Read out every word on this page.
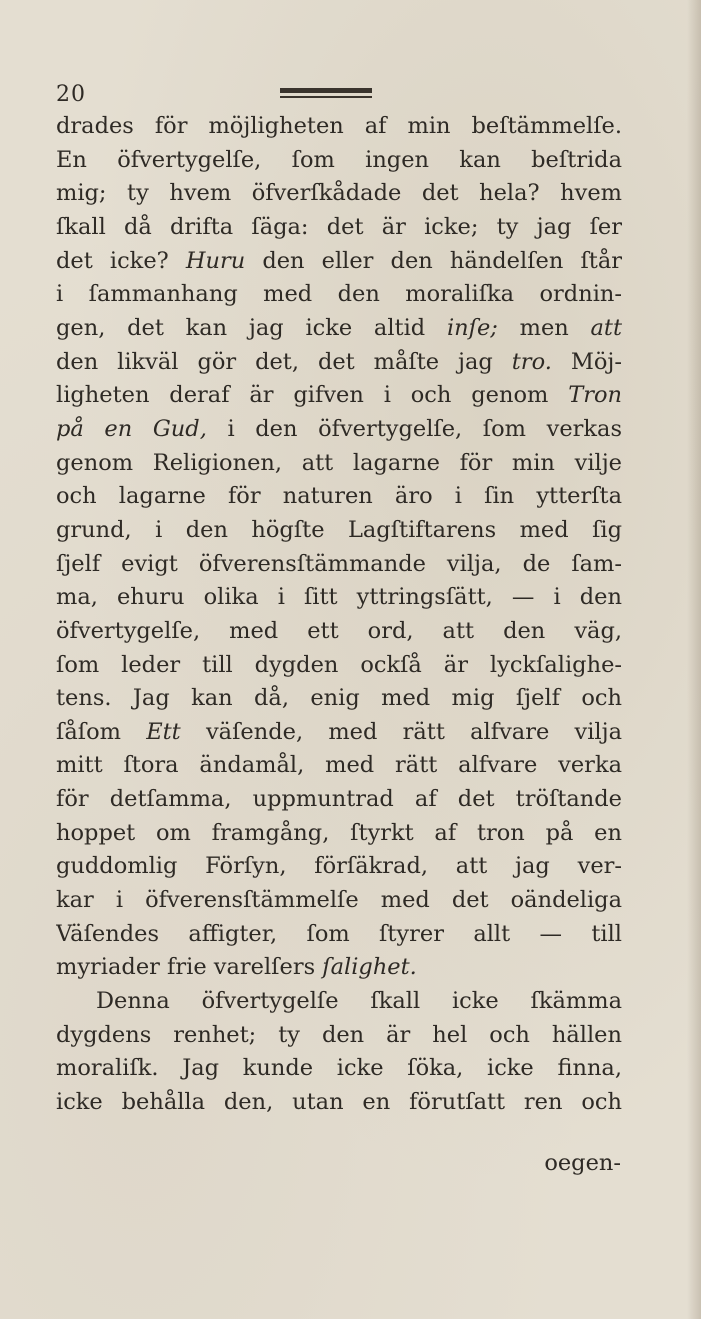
20
drades för möjligheten af min beſtämmelſe.
En öfvertygelſe, ſom ingen kan beſtrida
mig; ty hvem öfverſkådade det hela? hvem
ſkall då drifta ſäga: det är icke; ty jag ſer
det icke? Huru den eller den händelſen ſtår
i ſammanhang med den moraliſka ordnin-
gen, det kan jag icke altid inſe; men att
den likväl gör det, det måſte jag tro. Möj-
ligheten deraf är gifven i och genom Tron
på en Gud, i den öfvertygelſe, ſom verkas
genom Religionen, att lagarne för min vilje
och lagarne för naturen äro i ſin ytterſta
grund, i den högſte Lagſtiftarens med ſig
ſjelf evigt öfverensſtämmande vilja, de ſam-
ma, ehuru olika i ſitt yttringsſätt, — i den
öfvertygelſe, med ett ord, att den väg,
ſom leder till dygden ockſå är lyckſalighe-
tens. Jag kan då, enig med mig ſjelf och
ſåſom Ett väſende, med rätt alfvare vilja
mitt ſtora ändamål, med rätt alfvare verka
för detſamma, uppmuntrad af det tröſtande
hoppet om framgång, ſtyrkt af tron på en
guddomlig Förſyn, förſäkrad, att jag ver-
kar i öfverensſtämmelſe med det oändeliga
Väſendes affigter, ſom ſtyrer allt — till
myriader frie varelſers ſalighet.
Denna öfvertygelſe ſkall icke ſkämma
dygdens renhet; ty den är hel och hällen
moraliſk. Jag kunde icke ſöka, icke finna,
icke behålla den, utan en förutſatt ren och
oegen-
